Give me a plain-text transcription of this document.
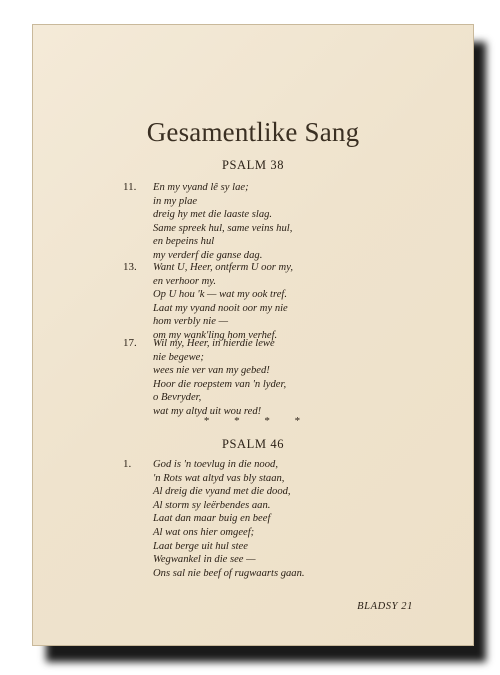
Gesamentlike Sang
PSALM 38
11. En my vyand lê sy lae;
in my plae
dreig hy met die laaste slag.
Same spreek hul, same veins hul,
en bepeins hul
my verderf die ganse dag.
13. Want U, Heer, ontferm U oor my,
en verhoor my.
Op U hou 'k — wat my ook tref.
Laat my vyand nooit oor my nie
hom verbly nie —
om my wank'ling hom verhef.
17. Wil my, Heer, in hierdie lewe
nie begewe;
wees nie ver van my gebed!
Hoor die roepstem van 'n lyder,
o Bevryder,
wat my altyd uit wou red!
* * * *
PSALM 46
1. God is 'n toevlug in die nood,
'n Rots wat altyd vas bly staan,
Al dreig die vyand met die dood,
Al storm sy leërbendes aan.
Laat dan maar buig en beef
Al wat ons hier omgeef;
Laat berge uit hul stee
Wegwankel in die see —
Ons sal nie beef of rugwaarts gaan.
BLADSY 21
